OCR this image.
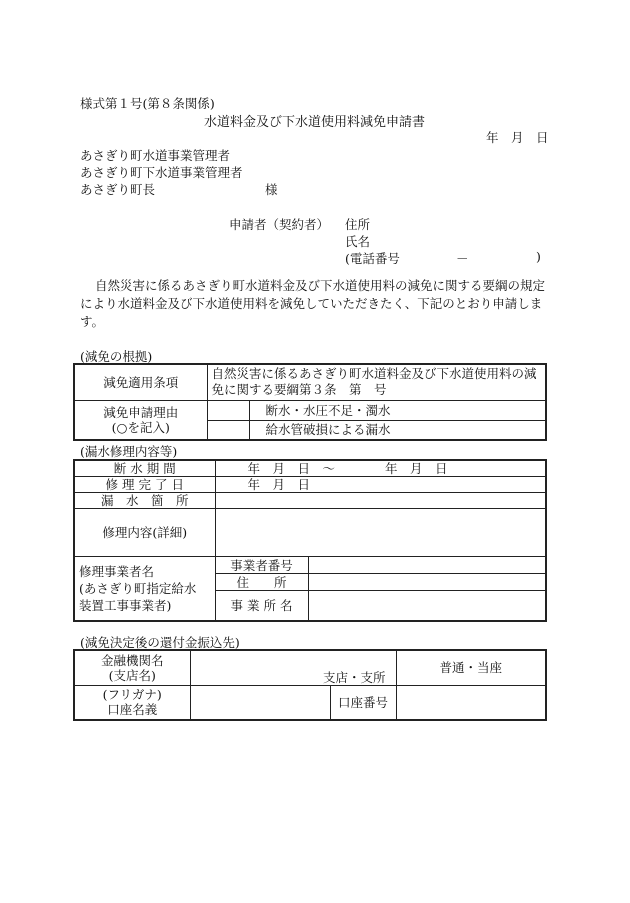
様式第１号(第８条関係)
水道料金及び下水道使用料減免申請書
年　月　日
あさぎり町水道事業管理者
あさぎり町下水道事業管理者
あさぎり町長	様
申請者（契約者） 住所
氏名
(電話番号	－	)
自然災害に係るあさぎり町水道料金及び下水道使用料の減免に関する要綱の規定により水道料金及び下水道使用料を減免していただきたく、下記のとおり申請します。
(減免の根拠)
減免適用条項	自然災害に係るあさぎり町水道料金及び下水道使用料の減免に関する要綱第３条　第　号	

減免申請理由
(○を記入)		断水・水圧不足・濁水
		給水管破損による漏水
(漏水修理内容等)
断 水 期 間	年　月　日　～　　　　年　月　日	
修 理 完 了 日	年　月　日	
漏　水　箇　所		
修理内容(詳細)		

修理事業者名
(あさぎり町指定給水
装置工事事業者)	事業者番号	
	住　　所	
	事 業 所 名	
(減免決定後の還付金振込先)
金融機関名
(支店名)	支店・支所		普通・当座

(フリガナ)
口座名義		口座番号	
